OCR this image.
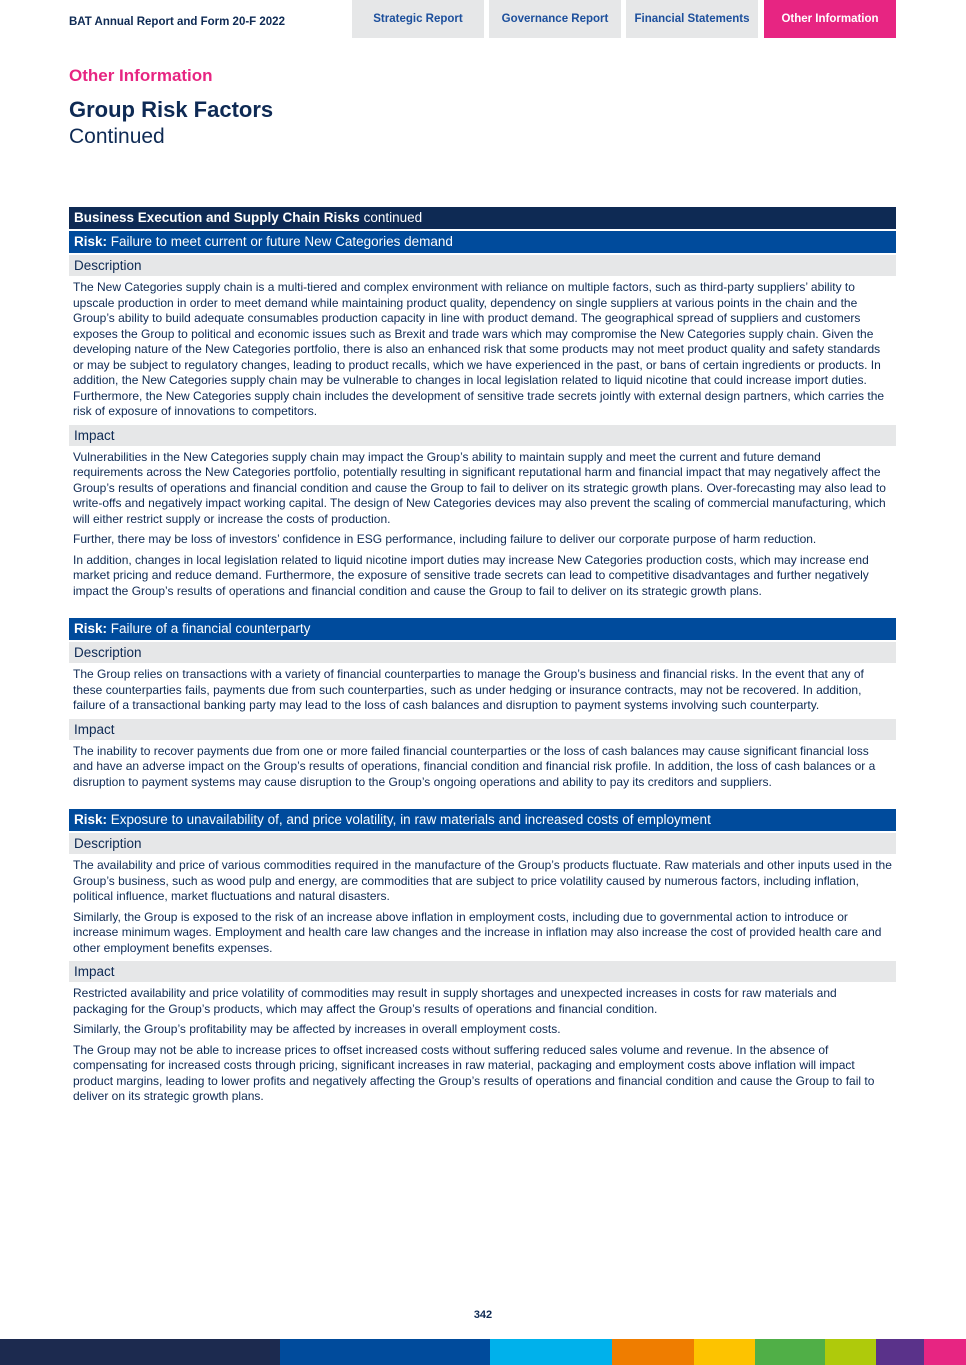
BAT Annual Report and Form 20-F 2022	Strategic Report	Governance Report	Financial Statements	Other Information
Other Information
Group Risk Factors
Continued
Business Execution and Supply Chain Risks continued
Risk: Failure to meet current or future New Categories demand
Description
The New Categories supply chain is a multi-tiered and complex environment with reliance on multiple factors, such as third-party suppliers’ ability to upscale production in order to meet demand while maintaining product quality, dependency on single suppliers at various points in the chain and the Group’s ability to build adequate consumables production capacity in line with product demand. The geographical spread of suppliers and customers exposes the Group to political and economic issues such as Brexit and trade wars which may compromise the New Categories supply chain. Given the developing nature of the New Categories portfolio, there is also an enhanced risk that some products may not meet product quality and safety standards or may be subject to regulatory changes, leading to product recalls, which we have experienced in the past, or bans of certain ingredients or products. In addition, the New Categories supply chain may be vulnerable to changes in local legislation related to liquid nicotine that could increase import duties. Furthermore, the New Categories supply chain includes the development of sensitive trade secrets jointly with external design partners, which carries the risk of exposure of innovations to competitors.
Impact
Vulnerabilities in the New Categories supply chain may impact the Group’s ability to maintain supply and meet the current and future demand requirements across the New Categories portfolio, potentially resulting in significant reputational harm and financial impact that may negatively affect the Group’s results of operations and financial condition and cause the Group to fail to deliver on its strategic growth plans. Over-forecasting may also lead to write-offs and negatively impact working capital. The design of New Categories devices may also prevent the scaling of commercial manufacturing, which will either restrict supply or increase the costs of production.
Further, there may be loss of investors’ confidence in ESG performance, including failure to deliver our corporate purpose of harm reduction.
In addition, changes in local legislation related to liquid nicotine import duties may increase New Categories production costs, which may increase end market pricing and reduce demand. Furthermore, the exposure of sensitive trade secrets can lead to competitive disadvantages and further negatively impact the Group’s results of operations and financial condition and cause the Group to fail to deliver on its strategic growth plans.
Risk: Failure of a financial counterparty
Description
The Group relies on transactions with a variety of financial counterparties to manage the Group’s business and financial risks. In the event that any of these counterparties fails, payments due from such counterparties, such as under hedging or insurance contracts, may not be recovered. In addition, failure of a transactional banking party may lead to the loss of cash balances and disruption to payment systems involving such counterparty.
Impact
The inability to recover payments due from one or more failed financial counterparties or the loss of cash balances may cause significant financial loss and have an adverse impact on the Group’s results of operations, financial condition and financial risk profile. In addition, the loss of cash balances or a disruption to payment systems may cause disruption to the Group’s ongoing operations and ability to pay its creditors and suppliers.
Risk: Exposure to unavailability of, and price volatility, in raw materials and increased costs of employment
Description
The availability and price of various commodities required in the manufacture of the Group’s products fluctuate. Raw materials and other inputs used in the Group’s business, such as wood pulp and energy, are commodities that are subject to price volatility caused by numerous factors, including inflation, political influence, market fluctuations and natural disasters.
Similarly, the Group is exposed to the risk of an increase above inflation in employment costs, including due to governmental action to introduce or increase minimum wages. Employment and health care law changes and the increase in inflation may also increase the cost of provided health care and other employment benefits expenses.
Impact
Restricted availability and price volatility of commodities may result in supply shortages and unexpected increases in costs for raw materials and packaging for the Group’s products, which may affect the Group’s results of operations and financial condition.
Similarly, the Group’s profitability may be affected by increases in overall employment costs.
The Group may not be able to increase prices to offset increased costs without suffering reduced sales volume and revenue. In the absence of compensating for increased costs through pricing, significant increases in raw material, packaging and employment costs above inflation will impact product margins, leading to lower profits and negatively affecting the Group’s results of operations and financial condition and cause the Group to fail to deliver on its strategic growth plans.
342
